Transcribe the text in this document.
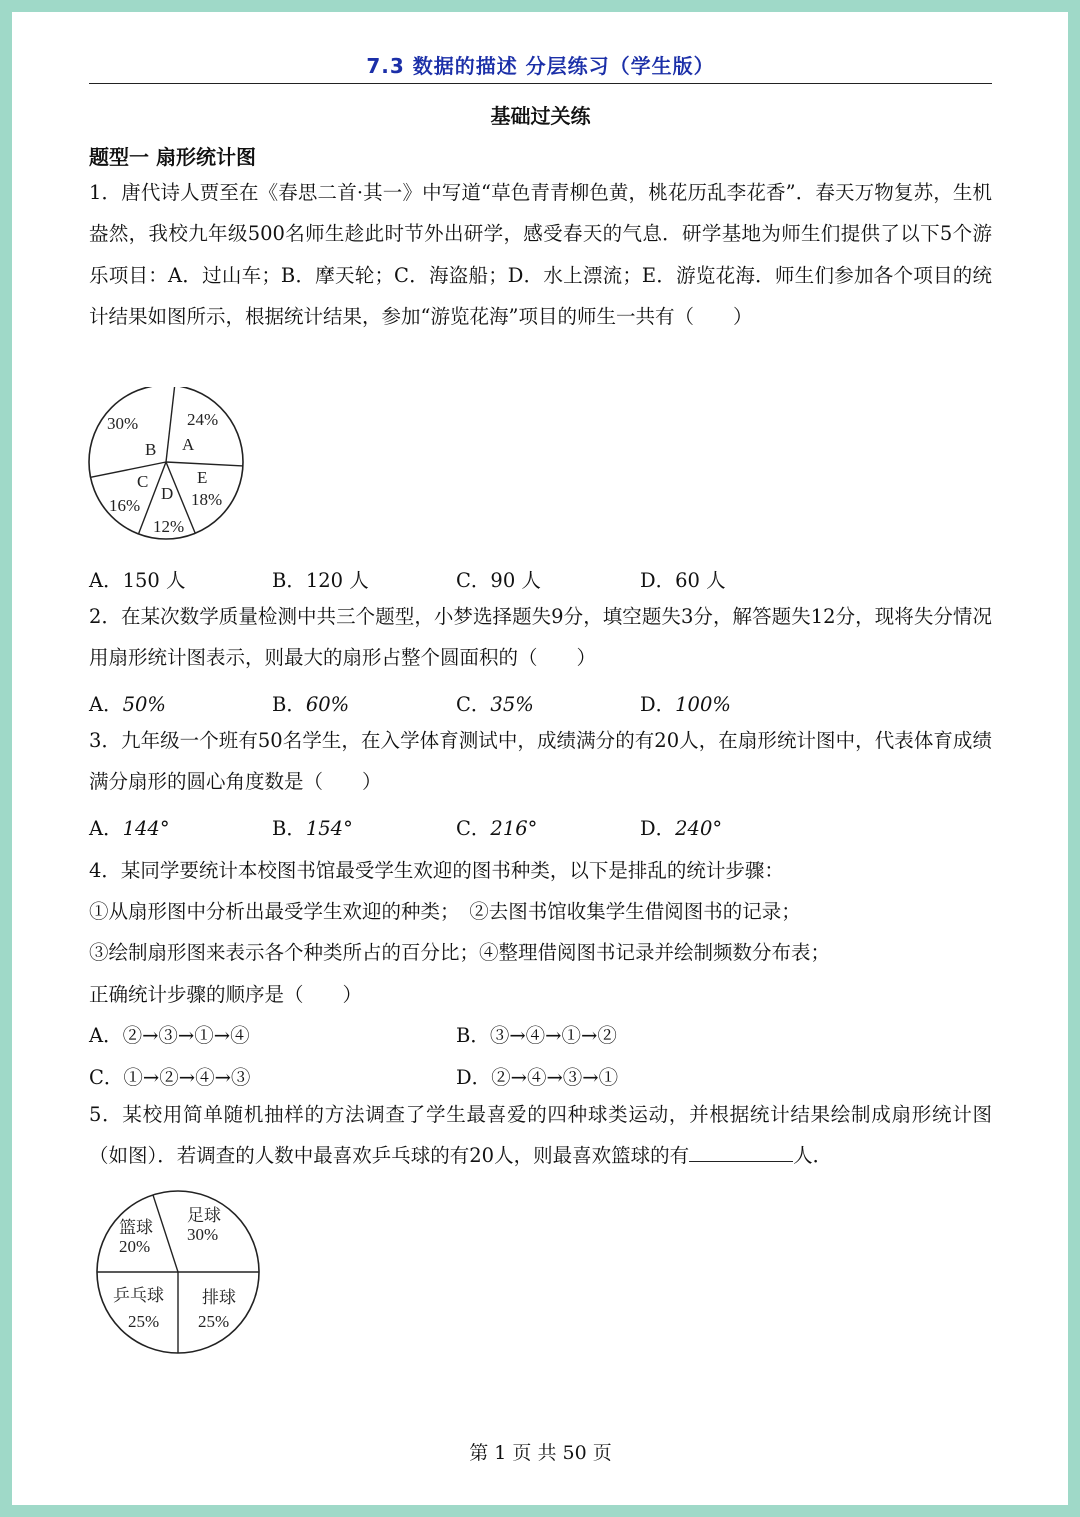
7.3 数据的描述 分层练习（学生版）
基础过关练
题型一 扇形统计图
1．唐代诗人贾至在《春思二首·其一》中写道“草色青青柳色黄，桃花历乱李花香”．春天万物复苏，生机盎然，我校九年级500名师生趁此时节外出研学，感受春天的气息．研学基地为师生们提供了以下5个游乐项目：A．过山车；B．摩天轮；C．海盗船；D．水上漂流；E．游览花海．师生们参加各个项目的统计结果如图所示，根据统计结果，参加“游览花海”项目的师生一共有（　　）
24%
A
30%
B
C
16%
D
12%
E
18%
A．150 人	B．120 人	C．90 人	D．60 人
2．在某次数学质量检测中共三个题型，小梦选择题失9分，填空题失3分，解答题失12分，现将失分情况用扇形统计图表示，则最大的扇形占整个圆面积的（　　）
A．50%	B．60%	C．35%	D．100%
3．九年级一个班有50名学生，在入学体育测试中，成绩满分的有20人，在扇形统计图中，代表体育成绩满分扇形的圆心角度数是（　　）
A．144°	B．154°	C．216°	D．240°
4．某同学要统计本校图书馆最受学生欢迎的图书种类，以下是排乱的统计步骤：
①从扇形图中分析出最受学生欢迎的种类；　②去图书馆收集学生借阅图书的记录；
③绘制扇形图来表示各个种类所占的百分比；④整理借阅图书记录并绘制频数分布表；
正确统计步骤的顺序是（　　）
A．②→③→①→④	B．③→④→①→②
C．①→②→④→③	D．②→④→③→①
5．某校用简单随机抽样的方法调查了学生最喜爱的四种球类运动，并根据统计结果绘制成扇形统计图（如图）．若调查的人数中最喜欢乒乓球的有20人，则最喜欢篮球的有	人．
足球
30%
篮球
20%
乒乓球
25%
排球
25%
第 1 页 共 50 页
